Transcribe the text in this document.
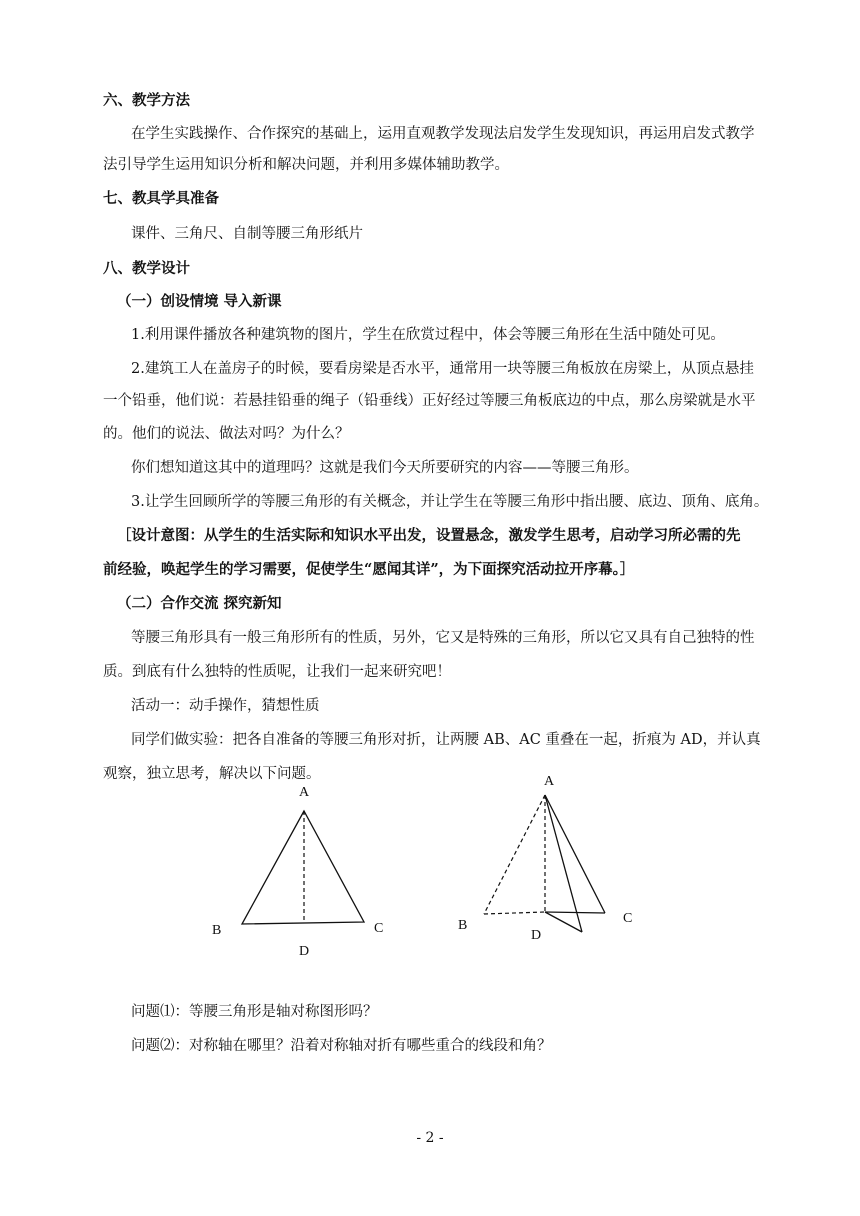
六、教学方法
在学生实践操作、合作探究的基础上，运用直观教学发现法启发学生发现知识，再运用启发式教学
法引导学生运用知识分析和解决问题，并利用多媒体辅助教学。
七、教具学具准备
课件、三角尺、自制等腰三角形纸片
八、教学设计
（一）创设情境 导入新课
1.利用课件播放各种建筑物的图片，学生在欣赏过程中，体会等腰三角形在生活中随处可见。
2.建筑工人在盖房子的时候，要看房梁是否水平，通常用一块等腰三角板放在房梁上，从顶点悬挂
一个铅垂，他们说：若悬挂铅垂的绳子（铅垂线）正好经过等腰三角板底边的中点，那么房梁就是水平
的。他们的说法、做法对吗？为什么？
你们想知道这其中的道理吗？这就是我们今天所要研究的内容——等腰三角形。
3.让学生回顾所学的等腰三角形的有关概念，并让学生在等腰三角形中指出腰、底边、顶角、底角。
［设计意图：从学生的生活实际和知识水平出发，设置悬念，激发学生思考，启动学习所必需的先
前经验，唤起学生的学习需要，促使学生“愿闻其详”，为下面探究活动拉开序幕。］
（二）合作交流 探究新知
等腰三角形具有一般三角形所有的性质，另外，它又是特殊的三角形，所以它又具有自己独特的性
质。到底有什么独特的性质呢，让我们一起来研究吧！
活动一：动手操作，猜想性质
同学们做实验：把各自准备的等腰三角形对折，让两腰 AB、AC 重叠在一起，折痕为 AD，并认真
观察，独立思考，解决以下问题。
A
B	C
D
A
B	C
D
问题⑴：等腰三角形是轴对称图形吗？
问题⑵：对称轴在哪里？沿着对称轴对折有哪些重合的线段和角？
- 2 -
